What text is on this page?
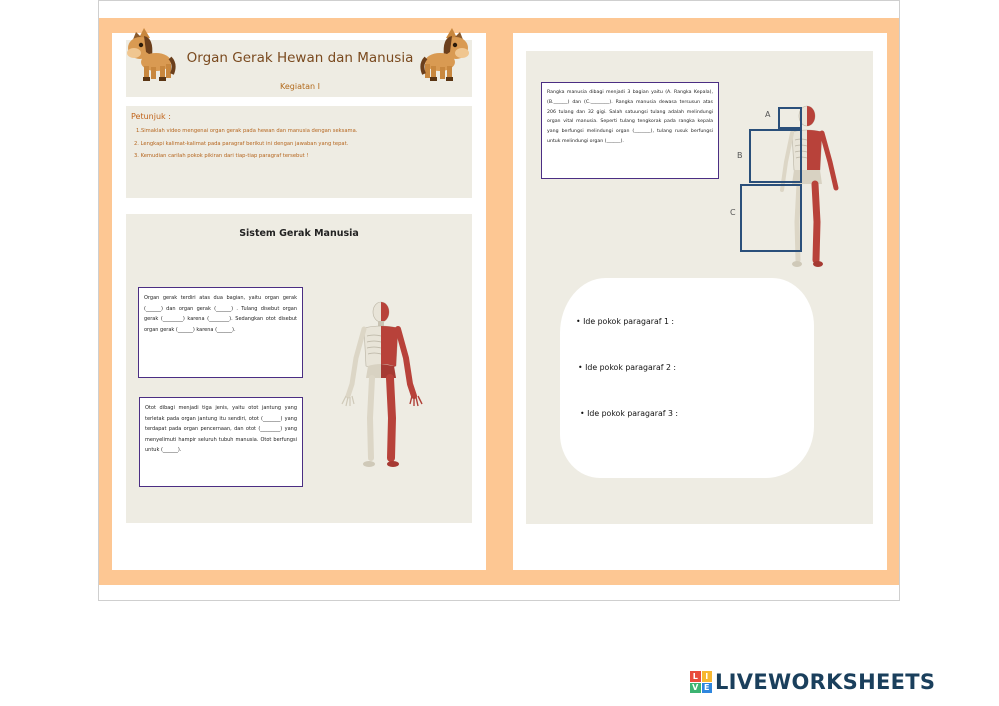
Organ Gerak Hewan dan Manusia
Kegiatan I
Petunjuk :
1.Simaklah video mengenai organ gerak pada hewan dan manusia dengan seksama.
2. Lengkapi kalimat-kalimat pada paragraf berikut ini dengan jawaban yang tepat.
3. Kemudian carilah pokok pikiran dari tiap-tiap paragraf tersebut !
Sistem Gerak Manusia
Organ gerak terdiri atas dua bagian, yaitu organ gerak (______) dan organ gerak (______) . Tulang disebut organ gerak (________) karena (________). Sedangkan otot disebut organ gerak (______) karena (______).
Otot dibagi menjadi tiga jenis, yaitu otot jantung yang terletak pada organ jantung itu sendiri, otot (_______) yang terdapat pada organ pencernaan, dan otot (________) yang menyelimuti hampir seluruh tubuh manusia. Otot berfungsi untuk (______).
Rangka manusia dibagi menjadi 3 bagian yaitu (A. Rangka Kepala), (B.______) dan (C.________). Rangka manusia dewasa tersusun atas 206 tulang dan 32 gigi. Salah satuungsi tulang adalah melindungi organ vital manusia. Seperti tulang tengkorak pada rangka kepala yang berfungsi melindungi organ (_______), tulang rusuk berfungsi untuk melindungi organ (______).
A
B
C
• Ide pokok paragaraf 1 :
• Ide pokok paragaraf 2 :
• Ide pokok paragaraf 3 :
L I
V E LIVEWORKSHEETS
